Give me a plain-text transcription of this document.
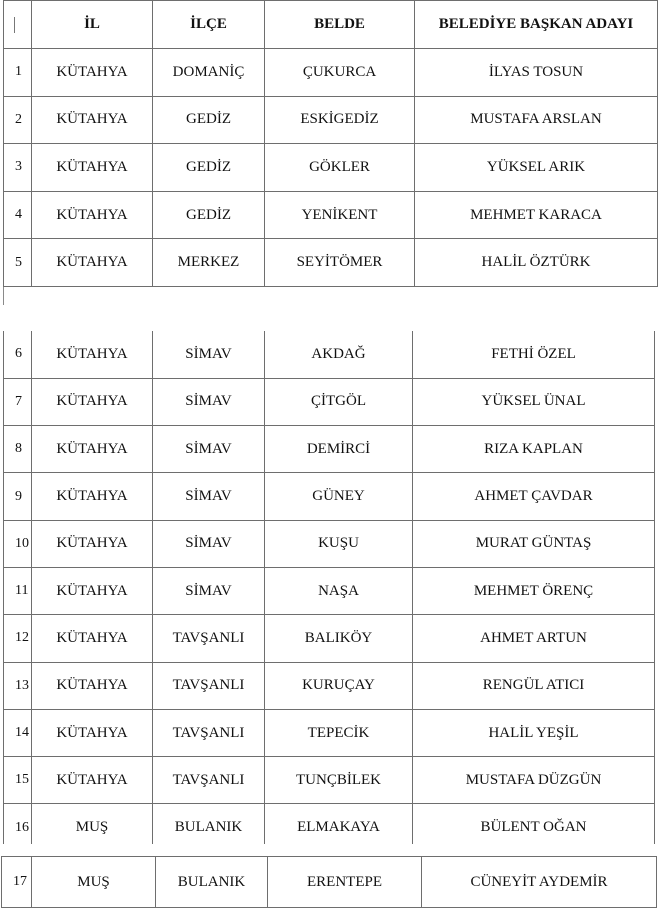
	İL	İLÇE	BELDE	BELEDİYE BAŞKAN ADAYI
1	KÜTAHYA	DOMANİÇ	ÇUKURCA	İLYAS TOSUN
2	KÜTAHYA	GEDİZ	ESKİGEDİZ	MUSTAFA ARSLAN
3	KÜTAHYA	GEDİZ	GÖKLER	YÜKSEL ARIK
4	KÜTAHYA	GEDİZ	YENİKENT	MEHMET KARACA
5	KÜTAHYA	MERKEZ	SEYİTÖMER	HALİL ÖZTÜRK
6	KÜTAHYA	SİMAV	AKDAĞ	FETHİ ÖZEL
7	KÜTAHYA	SİMAV	ÇİTGÖL	YÜKSEL ÜNAL
8	KÜTAHYA	SİMAV	DEMİRCİ	RIZA KAPLAN
9	KÜTAHYA	SİMAV	GÜNEY	AHMET ÇAVDAR
10	KÜTAHYA	SİMAV	KUŞU	MURAT GÜNTAŞ
11	KÜTAHYA	SİMAV	NAŞA	MEHMET ÖRENÇ
12	KÜTAHYA	TAVŞANLI	BALIKÖY	AHMET ARTUN
13	KÜTAHYA	TAVŞANLI	KURUÇAY	RENGÜL ATICI
14	KÜTAHYA	TAVŞANLI	TEPECİK	HALİL YEŞİL
15	KÜTAHYA	TAVŞANLI	TUNÇBİLEK	MUSTAFA DÜZGÜN
16	MUŞ	BULANIK	ELMAKAYA	BÜLENT OĞAN
17	MUŞ	BULANIK	ERENTEPE	CÜNEYİT AYDEMİR
